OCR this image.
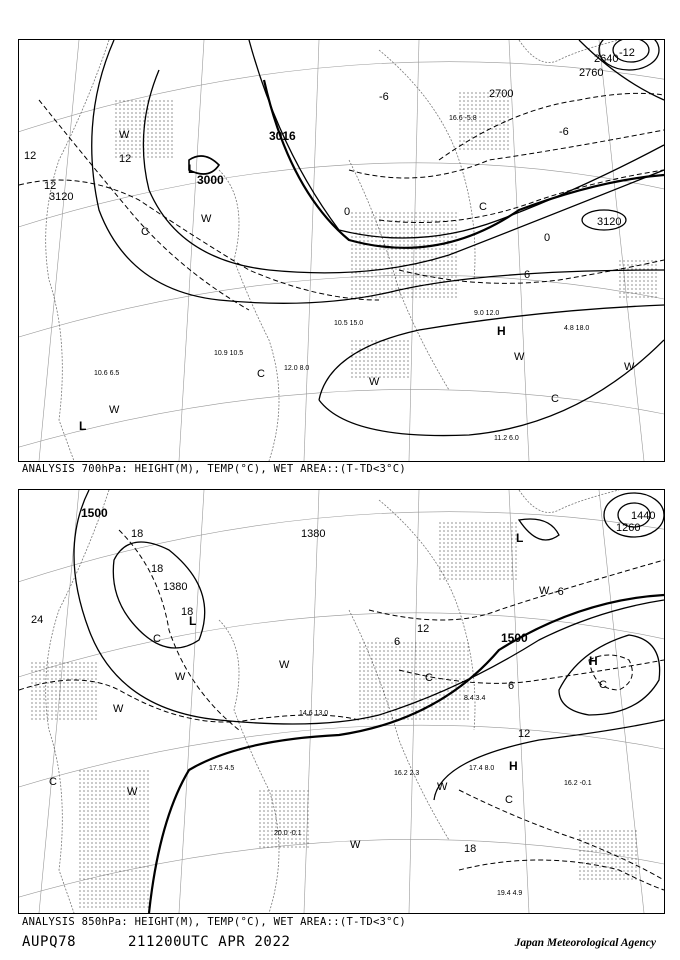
10.9 10.5
11.2 6.0
9.0 12.0
4.8 18.0
10.5 15.0
12.0 8.0
10.6 6.5
16.6 -5.8
3000
3016
3120
3120
2700
2760
2640
12
12
12
6
0
0
-6
-6
-12
L
L
H
W
W
W
W
W
W
C
C
C
C
ANALYSIS 700hPa: HEIGHT(M), TEMP(°C), WET AREA::(T-TD<3°C)
17.4 8.0
16.2 -0.1
19.4 4.9
16.2 2.3
14.6 13.0
8.4 3.4
17.5 4.5
20.0 -0.1
1500
1500
1380
1380
1440
1260
24
18
18
18
12
12
6
6
-6
18
L
L
H
H
W
W
W
W
W
W
W
C
C
C
C
C
ANALYSIS 850hPa: HEIGHT(M), TEMP(°C), WET AREA::(T-TD<3°C)
AUPQ78	211200UTC APR 2022	Japan Meteorological Agency
